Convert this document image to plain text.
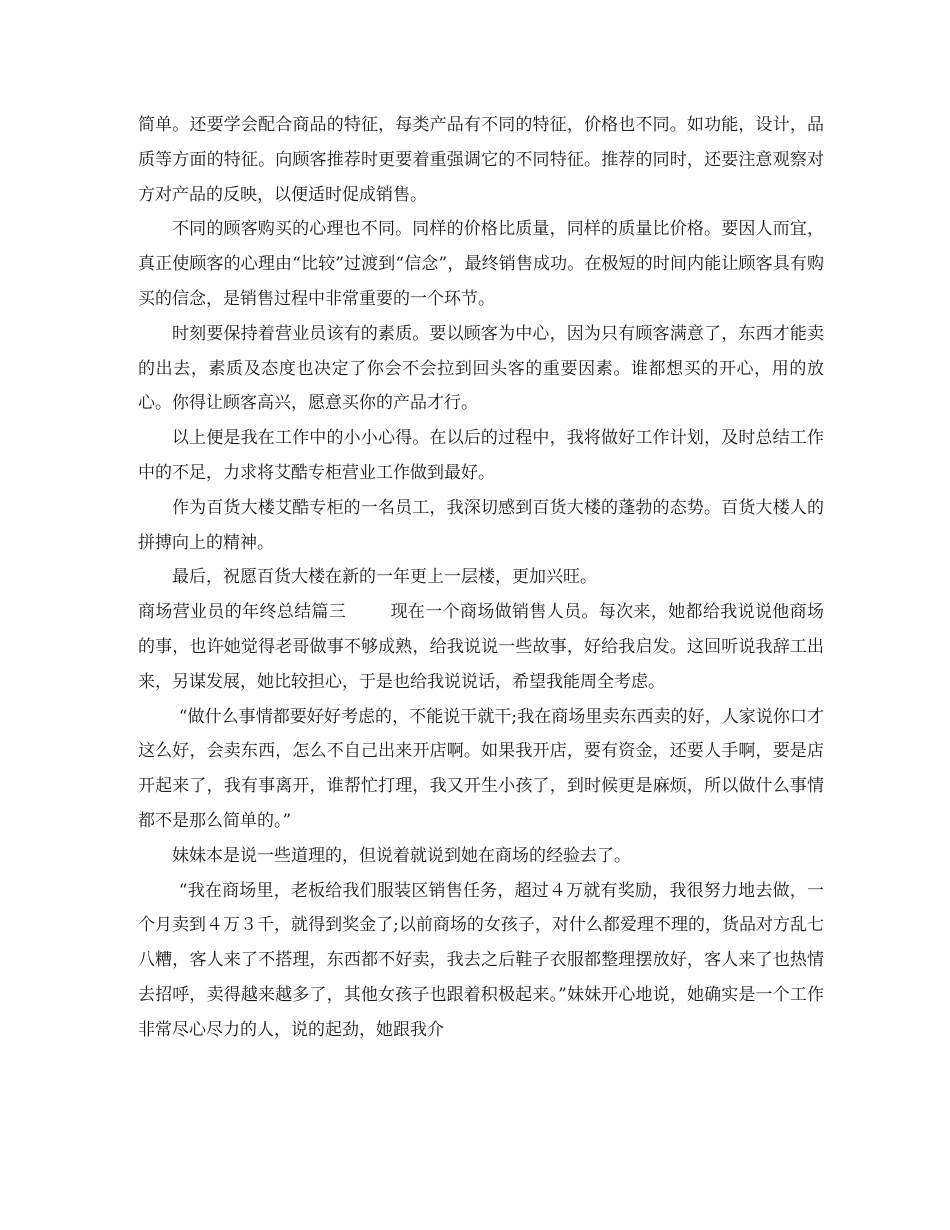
简单。还要学会配合商品的特征，每类产品有不同的特征，价格也不同。如功能，设计，品质等方面的特征。向顾客推荐时更要着重强调它的不同特征。推荐的同时，还要注意观察对方对产品的反映，以便适时促成销售。

不同的顾客购买的心理也不同。同样的价格比质量，同样的质量比价格。要因人而宜，真正使顾客的心理由“比较”过渡到“信念”，最终销售成功。在极短的时间内能让顾客具有购买的信念，是销售过程中非常重要的一个环节。

时刻要保持着营业员该有的素质。要以顾客为中心，因为只有顾客满意了，东西才能卖的出去，素质及态度也决定了你会不会拉到回头客的重要因素。谁都想买的开心，用的放心。你得让顾客高兴，愿意买你的产品才行。

以上便是我在工作中的小小心得。在以后的过程中，我将做好工作计划，及时总结工作中的不足，力求将艾酷专柜营业工作做到最好。

作为百货大楼艾酷专柜的一名员工，我深切感到百货大楼的蓬勃的态势。百货大楼人的拼搏向上的精神。

最后，祝愿百货大楼在新的一年更上一层楼，更加兴旺。

商场营业员的年终总结篇三	现在一个商场做销售人员。每次来，她都给我说说他商场的事，也许她觉得老哥做事不够成熟，给我说说一些故事，好给我启发。这回听说我辞工出来，另谋发展，她比较担心，于是也给我说说话，希望我能周全考虑。

“做什么事情都要好好考虑的，不能说干就干;我在商场里卖东西卖的好，人家说你口才这么好，会卖东西，怎么不自己出来开店啊。如果我开店，要有资金，还要人手啊，要是店开起来了，我有事离开，谁帮忙打理，我又开生小孩了，到时候更是麻烦，所以做什么事情都不是那么简单的。”

妹妹本是说一些道理的，但说着就说到她在商场的经验去了。

“我在商场里，老板给我们服装区销售任务，超过４万就有奖励，我很努力地去做，一个月卖到４万３千，就得到奖金了;以前商场的女孩子，对什么都爱理不理的，货品对方乱七八糟，客人来了不搭理，东西都不好卖，我去之后鞋子衣服都整理摆放好，客人来了也热情去招呼，卖得越来越多了，其他女孩子也跟着积极起来。”妹妹开心地说，她确实是一个工作非常尽心尽力的人，说的起劲，她跟我介
